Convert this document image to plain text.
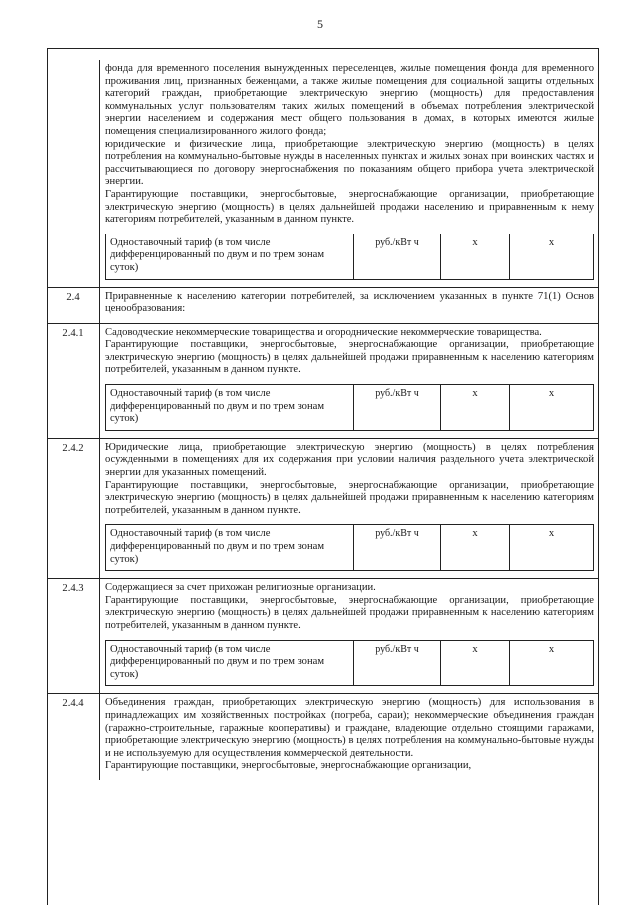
5

фонда для временного поселения вынужденных переселенцев, жилые помещения фонда для временного проживания лиц, признанных беженцами, а также жилые помещения для социальной защиты отдельных категорий граждан, приобретающие электрическую энергию (мощность) для предоставления коммунальных услуг пользователям таких жилых помещений в объемах потребления электрической энергии населением и содержания мест общего пользования в домах, в которых имеются жилые помещения специализированного жилого фонда;

юридические и физические лица, приобретающие электрическую энергию (мощность) в целях потребления на коммунально-бытовые нужды в населенных пунктах и жилых зонах при воинских частях и рассчитывающиеся по договору энергоснабжения по показаниям общего прибора учета электрической энергии.

Гарантирующие поставщики, энергосбытовые, энергоснабжающие организации, приобретающие электрическую энергию (мощность) в целях дальнейшей продажи населению и приравненным к нему категориям потребителей, указанным в данном пункте.

Одноставочный тариф (в том числе дифференцированный по двум и по трем зонам суток)	руб./кВт ч	х	х

2.4	Приравненные к населению категории потребителей, за исключением указанных в пункте 71(1) Основ ценообразования:

2.4.1	Садоводческие некоммерческие товарищества и огороднические некоммерческие товарищества.

Гарантирующие поставщики, энергосбытовые, энергоснабжающие организации, приобретающие электрическую энергию (мощность) в целях дальнейшей продажи приравненным к населению категориям потребителей, указанным в данном пункте.

Одноставочный тариф (в том числе дифференцированный по двум и по трем зонам суток)	руб./кВт ч	х	х

2.4.2	Юридические лица, приобретающие электрическую энергию (мощность) в целях потребления осужденными в помещениях для их содержания при условии наличия раздельного учета электрической энергии для указанных помещений.

Гарантирующие поставщики, энергосбытовые, энергоснабжающие организации, приобретающие электрическую энергию (мощность) в целях дальнейшей продажи приравненным к населению категориям потребителей, указанным в данном пункте.

Одноставочный тариф (в том числе дифференцированный по двум и по трем зонам суток)	руб./кВт ч	х	х

2.4.3	Содержащиеся за счет прихожан религиозные организации.

Гарантирующие поставщики, энергосбытовые, энергоснабжающие организации, приобретающие электрическую энергию (мощность) в целях дальнейшей продажи приравненным к населению категориям потребителей, указанным в данном пункте.

Одноставочный тариф (в том числе дифференцированный по двум и по трем зонам суток)	руб./кВт ч	х	х

2.4.4	Объединения граждан, приобретающих электрическую энергию (мощность) для использования в принадлежащих им хозяйственных постройках (погреба, сараи); некоммерческие объединения граждан (гаражно-строительные, гаражные кооперативы) и граждане, владеющие отдельно стоящими гаражами, приобретающие электрическую энергию (мощность) в целях потребления на коммунально-бытовые нужды и не используемую для осуществления коммерческой деятельности.

Гарантирующие поставщики, энергосбытовые, энергоснабжающие организации,
